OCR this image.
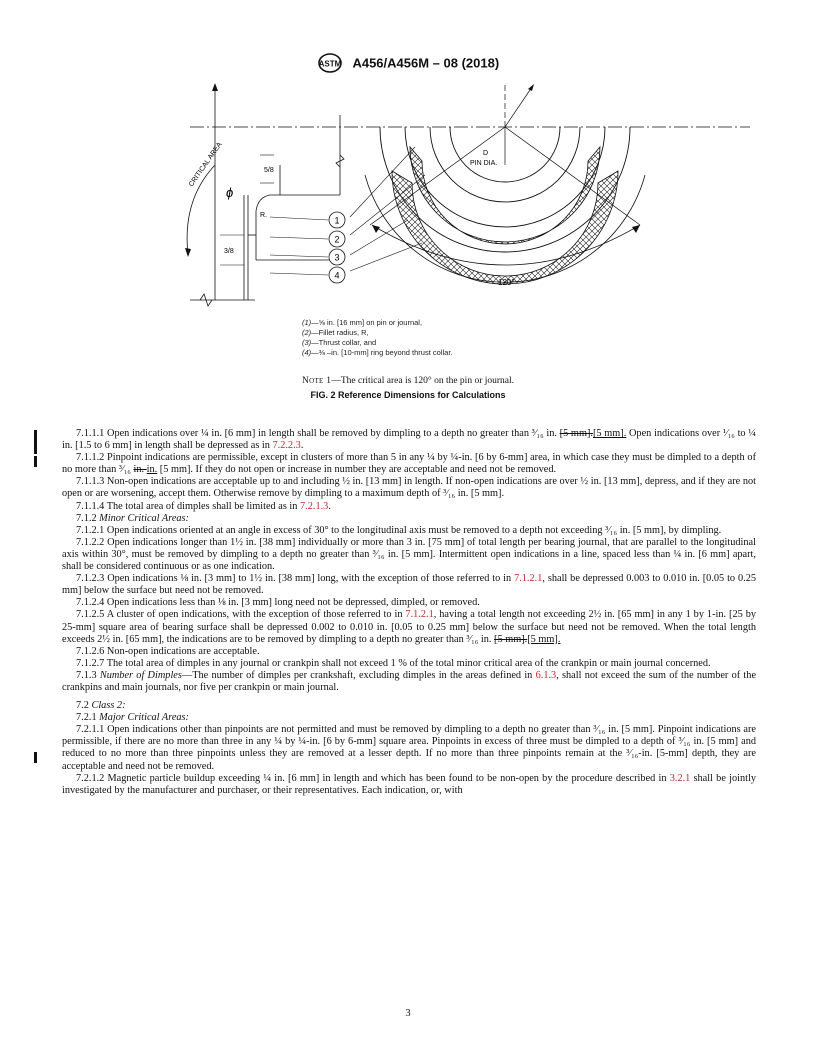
ASTM A456/A456M – 08 (2018)
1
2
3
4
CRITICAL AREA
ϕ
5/8
3/8
R.
D
PIN DIA.
120°
(1)—⅝ in. [16 mm] on pin or journal,
(2)—Fillet radius, R,
(3)—Thrust collar, and
(4)—⅜ –in. [10-mm] ring beyond thrust collar.
Note 1—The critical area is 120° on the pin or journal.
FIG. 2 Reference Dimensions for Calculations

7.1.1.1 Open indications over ¼ in. [6 mm] in length shall be removed by dimpling to a depth no greater than ³⁄₁₆ in. [5 mm].[5 mm]. Open indications over ¹⁄₁₆ to ¼ in. [1.5 to 6 mm] in length shall be depressed as in 7.2.2.3.

7.1.1.2 Pinpoint indications are permissible, except in clusters of more than 5 in any ¼ by ¼-in. [6 by 6-mm] area, in which case they must be dimpled to a depth of no more than ³⁄₁₆ in. in. [5 mm]. If they do not open or increase in number they are acceptable and need not be removed.

7.1.1.3 Non-open indications are acceptable up to and including ½ in. [13 mm] in length. If non-open indications are over ½ in. [13 mm], depress, and if they are not open or are worsening, accept them. Otherwise remove by dimpling to a maximum depth of ³⁄₁₆ in. [5 mm].

7.1.1.4 The total area of dimples shall be limited as in 7.2.1.3.

7.1.2 Minor Critical Areas:

7.1.2.1 Open indications oriented at an angle in excess of 30° to the longitudinal axis must be removed to a depth not exceeding ³⁄₁₆ in. [5 mm], by dimpling.

7.1.2.2 Open indications longer than 1½ in. [38 mm] individually or more than 3 in. [75 mm] of total length per bearing journal, that are parallel to the longitudinal axis within 30°, must be removed by dimpling to a depth no greater than ³⁄₁₆ in. [5 mm]. Intermittent open indications in a line, spaced less than ¼ in. [6 mm] apart, shall be considered continuous or as one indication.

7.1.2.3 Open indications ⅛ in. [3 mm] to 1½ in. [38 mm] long, with the exception of those referred to in 7.1.2.1, shall be depressed 0.003 to 0.010 in. [0.05 to 0.25 mm] below the surface but need not be removed.

7.1.2.4 Open indications less than ⅛ in. [3 mm] long need not be depressed, dimpled, or removed.

7.1.2.5 A cluster of open indications, with the exception of those referred to in 7.1.2.1, having a total length not exceeding 2½ in. [65 mm] in any 1 by 1-in. [25 by 25-mm] square area of bearing surface shall be depressed 0.002 to 0.010 in. [0.05 to 0.25 mm] below the surface but need not be removed. When the total length exceeds 2½ in. [65 mm], the indications are to be removed by dimpling to a depth no greater than ³⁄₁₆ in. [5 mm].[5 mm].

7.1.2.6 Non-open indications are acceptable.

7.1.2.7 The total area of dimples in any journal or crankpin shall not exceed 1 % of the total minor critical area of the crankpin or main journal concerned.

7.1.3 Number of Dimples—The number of dimples per crankshaft, excluding dimples in the areas defined in 6.1.3, shall not exceed the sum of the number of the crankpins and main journals, nor five per crankpin or main journal.

7.2 Class 2:

7.2.1 Major Critical Areas:

7.2.1.1 Open indications other than pinpoints are not permitted and must be removed by dimpling to a depth no greater than ³⁄₁₆ in. [5 mm]. Pinpoint indications are permissible, if there are no more than three in any ¼ by ¼-in. [6 by 6-mm] square area. Pinpoints in excess of three must be dimpled to a depth of ³⁄₁₆ in. [5 mm] and reduced to no more than three pinpoints unless they are removed at a lesser depth. If no more than three pinpoints remain at the ³⁄₁₆-in. [5-mm] depth, they are acceptable and need not be removed.

7.2.1.2 Magnetic particle buildup exceeding ¼ in. [6 mm] in length and which has been found to be non-open by the procedure described in 3.2.1 shall be jointly investigated by the manufacturer and purchaser, or their representatives. Each indication, or, with

3
